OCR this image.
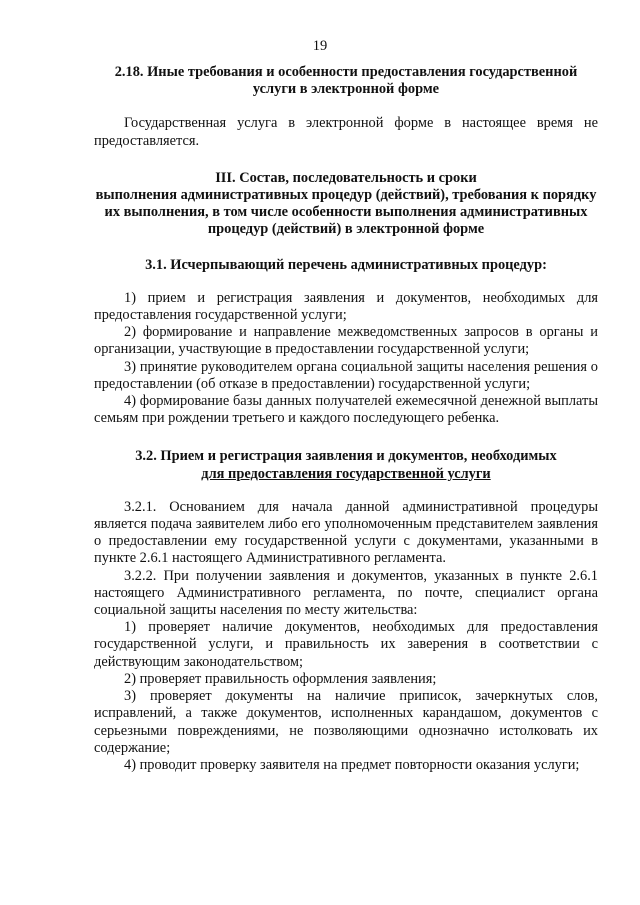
19

2.18. Иные требования и особенности предоставления государственной услуги в электронной форме

Государственная услуга в электронной форме в настоящее время не предоставляется.

III. Состав, последовательность и сроки

выполнения административных процедур (действий), требования к порядку их выполнения, в том числе особенности выполнения административных процедур (действий) в электронной форме

3.1. Исчерпывающий перечень административных процедур:

1) прием и регистрация заявления и документов, необходимых для предоставления государственной услуги;

2) формирование и направление межведомственных запросов в органы и организации, участвующие в предоставлении государственной услуги;

3) принятие руководителем органа социальной защиты населения решения о предоставлении (об отказе в предоставлении) государственной услуги;

4) формирование базы данных получателей ежемесячной денежной выплаты семьям при рождении третьего и каждого последующего ребенка.

3.2. Прием и регистрация заявления и документов, необходимых

для предоставления государственной услуги

3.2.1. Основанием для начала данной административной процедуры является подача заявителем либо его уполномоченным представителем заявления о предоставлении ему государственной услуги с документами, указанными в пункте 2.6.1 настоящего Административного регламента.

3.2.2. При получении заявления и документов, указанных в пункте 2.6.1 настоящего Административного регламента, по почте, специалист органа социальной защиты населения по месту жительства:

1) проверяет наличие документов, необходимых для предоставления государственной услуги, и правильность их заверения в соответствии с действующим законодательством;

2) проверяет правильность оформления заявления;

3) проверяет документы на наличие приписок, зачеркнутых слов, исправлений, а также документов, исполненных карандашом, документов с серьезными повреждениями, не позволяющими однозначно истолковать их содержание;

4) проводит проверку заявителя на предмет повторности оказания услуги;
